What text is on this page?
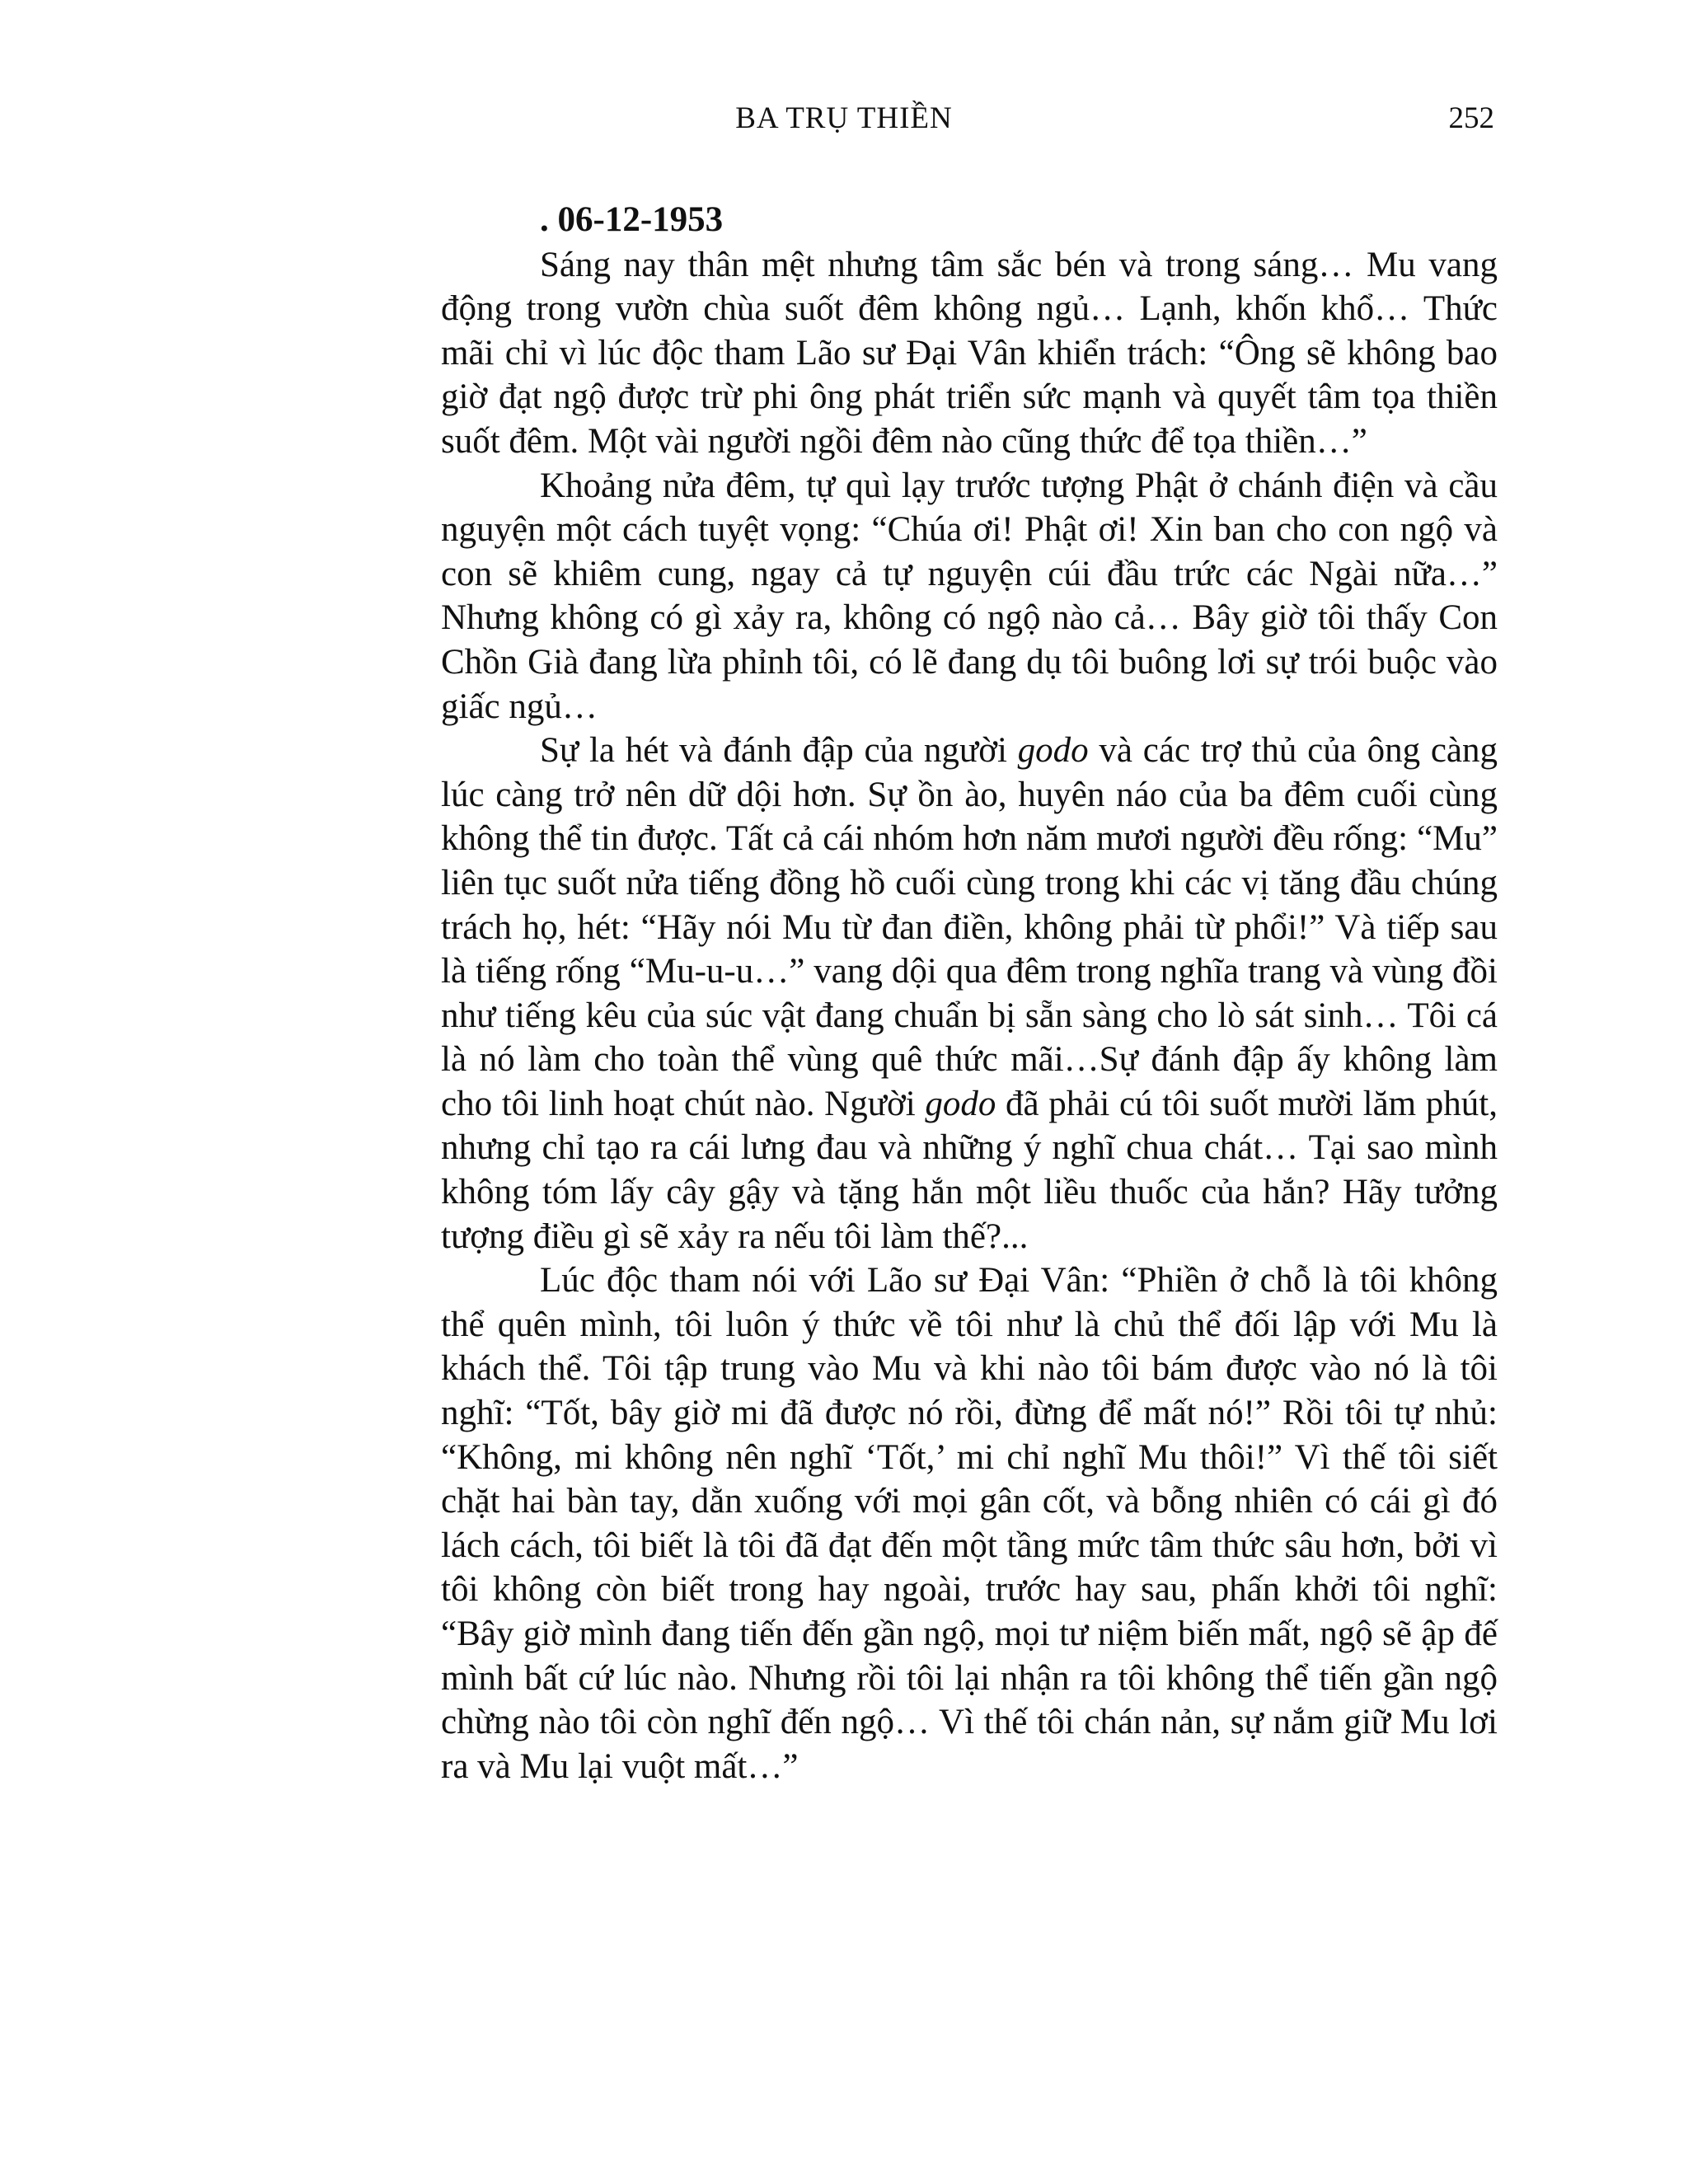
BA TRỤ THIỀN	252
. 06-12-1953

Sáng nay thân mệt nhưng tâm sắc bén và trong sáng… Mu vang động trong vườn chùa suốt đêm không ngủ… Lạnh, khốn khổ… Thức mãi chỉ vì lúc độc tham Lão sư Đại Vân khiển trách: “Ông sẽ không bao giờ đạt ngộ được trừ phi ông phát triển sức mạnh và quyết tâm tọa thiền suốt đêm. Một vài người ngồi đêm nào cũng thức để tọa thiền…”

Khoảng nửa đêm, tự quì lạy trước tượng Phật ở chánh điện và cầu nguyện một cách tuyệt vọng: “Chúa ơi! Phật ơi! Xin ban cho con ngộ và con sẽ khiêm cung, ngay cả tự nguyện cúi đầu trức các Ngài nữa…” Nhưng không có gì xảy ra, không có ngộ nào cả… Bây giờ tôi thấy Con Chồn Già đang lừa phỉnh tôi, có lẽ đang dụ tôi buông lơi sự trói buộc vào giấc ngủ…

Sự la hét và đánh đập của người godo và các trợ thủ của ông càng lúc càng trở nên dữ dội hơn. Sự ồn ào, huyên náo của ba đêm cuối cùng không thể tin được. Tất cả cái nhóm hơn năm mươi người đều rống: “Mu” liên tục suốt nửa tiếng đồng hồ cuối cùng trong khi các vị tăng đầu chúng trách họ, hét: “Hãy nói Mu từ đan điền, không phải từ phổi!” Và tiếp sau là tiếng rống “Mu-u-u…” vang dội qua đêm trong nghĩa trang và vùng đồi như tiếng kêu của súc vật đang chuẩn bị sẵn sàng cho lò sát sinh… Tôi cá là nó làm cho toàn thể vùng quê thức mãi…Sự đánh đập ấy không làm cho tôi linh hoạt chút nào. Người godo đã phải cú tôi suốt mười lăm phút, nhưng chỉ tạo ra cái lưng đau và những ý nghĩ chua chát… Tại sao mình không tóm lấy cây gậy và tặng hắn một liều thuốc của hắn? Hãy tưởng tượng điều gì sẽ xảy ra nếu tôi làm thế?...

Lúc độc tham nói với Lão sư Đại Vân: “Phiền ở chỗ là tôi không thể quên mình, tôi luôn ý thức về tôi như là chủ thể đối lập với Mu là khách thể. Tôi tập trung vào Mu và khi nào tôi bám được vào nó là tôi nghĩ: “Tốt, bây giờ mi đã được nó rồi, đừng để mất nó!” Rồi tôi tự nhủ: “Không, mi không nên nghĩ ‘Tốt,’ mi chỉ nghĩ Mu thôi!” Vì thế tôi siết chặt hai bàn tay, dằn xuống với mọi gân cốt, và bỗng nhiên có cái gì đó lách cách, tôi biết là tôi đã đạt đến một tầng mức tâm thức sâu hơn, bởi vì tôi không còn biết trong hay ngoài, trước hay sau, phấn khởi tôi nghĩ: “Bây giờ mình đang tiến đến gần ngộ, mọi tư niệm biến mất, ngộ sẽ ập đế mình bất cứ lúc nào. Nhưng rồi tôi lại nhận ra tôi không thể tiến gần ngộ chừng nào tôi còn nghĩ đến ngộ… Vì thế tôi chán nản, sự nắm giữ Mu lơi ra và Mu lại vuột mất…”
